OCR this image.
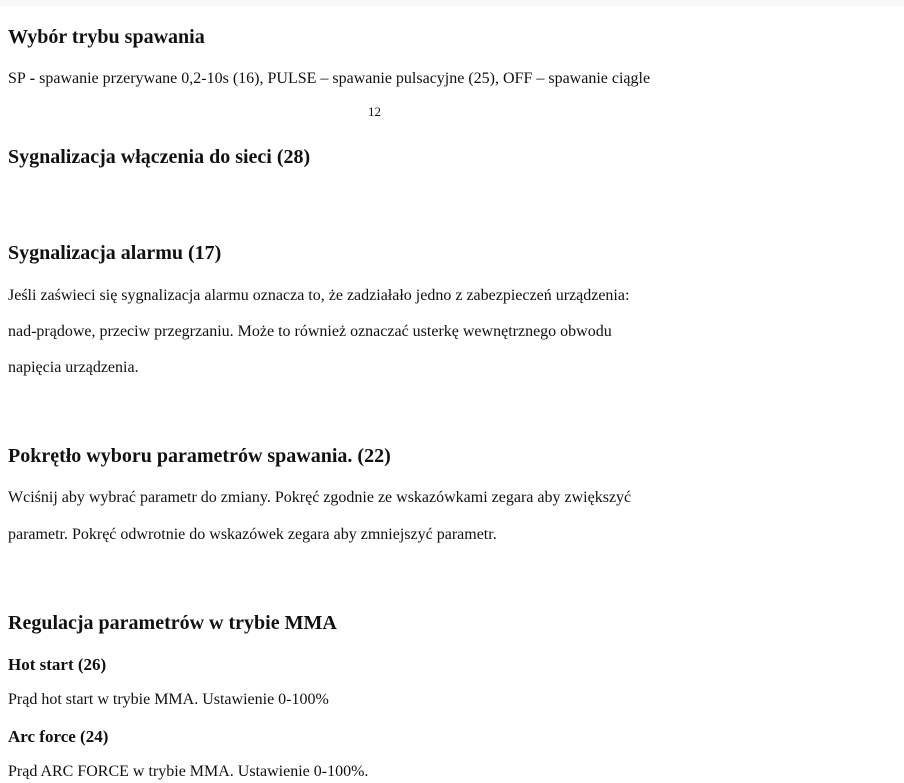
Wybór trybu spawania

SP - spawanie przerywane 0,2-10s (16), PULSE – spawanie pulsacyjne (25), OFF – spawanie ciągle

12

Sygnalizacja włączenia do sieci (28)
Sygnalizacja alarmu (17)

Jeśli zaświeci się sygnalizacja alarmu oznacza to, że zadziałało jedno z zabezpieczeń urządzenia:

nad-prądowe, przeciw przegrzaniu. Może to również oznaczać usterkę wewnętrznego obwodu

napięcia urządzenia.

Pokrętło wyboru parametrów spawania. (22)

Wciśnij aby wybrać parametr do zmiany. Pokręć zgodnie ze wskazówkami zegara aby zwiększyć

parametr. Pokręć odwrotnie do wskazówek zegara aby zmniejszyć parametr.

Regulacja parametrów w trybie MMA

Hot start (26)

Prąd hot start w trybie MMA. Ustawienie 0-100%

Arc force (24)

Prąd ARC FORCE w trybie MMA. Ustawienie 0-100%.
